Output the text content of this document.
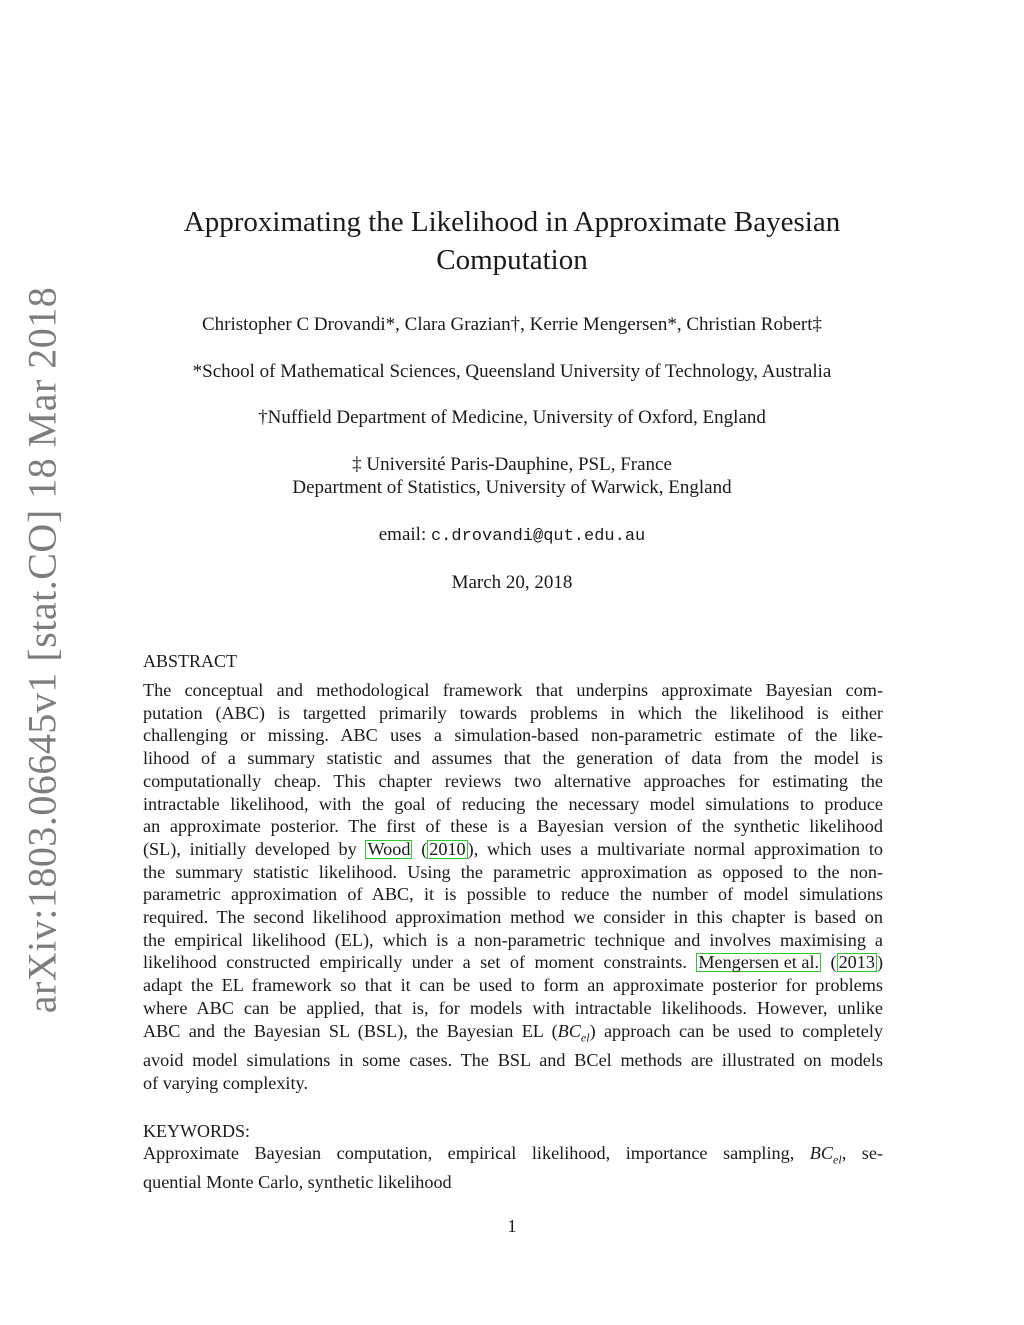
arXiv:1803.06645v1 [stat.CO] 18 Mar 2018
Approximating the Likelihood in Approximate Bayesian
Computation

Christopher C Drovandi*, Clara Grazian†, Kerrie Mengersen*, Christian Robert‡

*School of Mathematical Sciences, Queensland University of Technology, Australia

†Nuffield Department of Medicine, University of Oxford, England

‡ Université Paris-Dauphine, PSL, France

Department of Statistics, University of Warwick, England

email: c.drovandi@qut.edu.au

March 20, 2018

ABSTRACT

The conceptual and methodological framework that underpins approximate Bayesian com-
putation (ABC) is targetted primarily towards problems in which the likelihood is either
challenging or missing. ABC uses a simulation-based non-parametric estimate of the like-
lihood of a summary statistic and assumes that the generation of data from the model is
computationally cheap. This chapter reviews two alternative approaches for estimating the
intractable likelihood, with the goal of reducing the necessary model simulations to produce
an approximate posterior. The first of these is a Bayesian version of the synthetic likelihood
(SL), initially developed by Wood ( 2010 ), which uses a multivariate normal approximation to
the summary statistic likelihood. Using the parametric approximation as opposed to the non-
parametric approximation of ABC, it is possible to reduce the number of model simulations
required. The second likelihood approximation method we consider in this chapter is based on
the empirical likelihood (EL), which is a non-parametric technique and involves maximising a
likelihood constructed empirically under a set of moment constraints. Mengersen et al. ( 2013 )
adapt the EL framework so that it can be used to form an approximate posterior for problems
where ABC can be applied, that is, for models with intractable likelihoods. However, unlike
ABC and the Bayesian SL (BSL), the Bayesian EL $(BC_{el})$ approach can be used to completely
avoid model simulations in some cases. The BSL and BCel methods are illustrated on models
of varying complexity.

KEYWORDS:

Approximate Bayesian computation, empirical likelihood, importance sampling, $BC_{el}$, se-
quential Monte Carlo, synthetic likelihood
1
